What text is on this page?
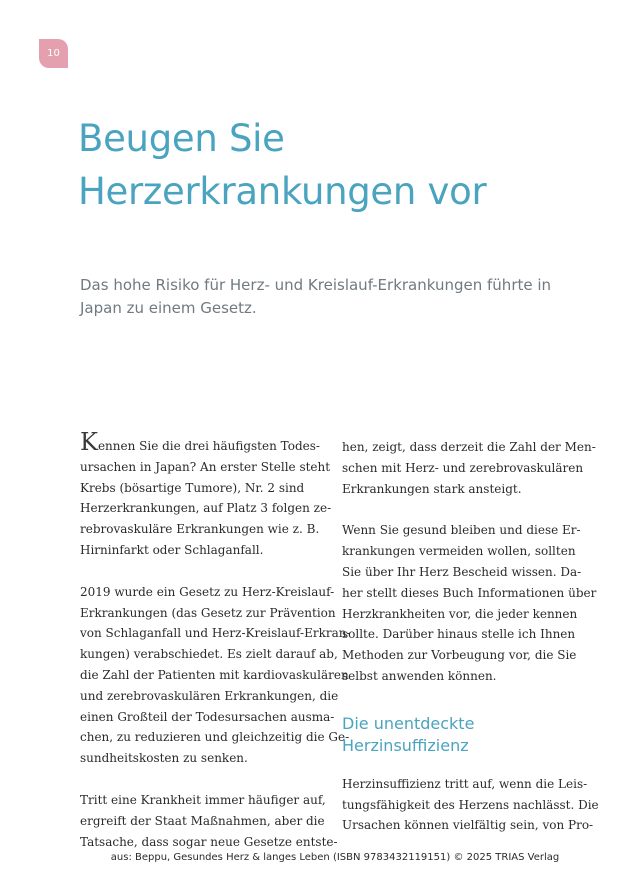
10
Beugen Sie
Herzerkrankungen vor

Das hohe Risiko für Herz- und Kreislauf-Erkrankungen führte in
Japan zu einem Gesetz.

Kennen Sie die drei häufigsten Todes-
ursachen in Japan? An erster Stelle steht
Krebs (bösartige Tumore), Nr. 2 sind
Herzerkrankungen, auf Platz 3 folgen ze-
rebrovaskuläre Erkrankungen wie z. B.
Hirninfarkt oder Schlaganfall.

2019 wurde ein Gesetz zu Herz-Kreislauf-
Erkrankungen (das Gesetz zur Prävention
von Schlaganfall und Herz-Kreislauf-Erkran-
kungen) verabschiedet. Es zielt darauf ab,
die Zahl der Patienten mit kardiovaskulären
und zerebrovaskulären Erkrankungen, die
einen Großteil der Todesursachen ausma-
chen, zu reduzieren und gleichzeitig die Ge-
sundheitskosten zu senken.

Tritt eine Krankheit immer häufiger auf,
ergreift der Staat Maßnahmen, aber die
Tatsache, dass sogar neue Gesetze entste-

hen, zeigt, dass derzeit die Zahl der Men-
schen mit Herz- und zerebrovaskulären
Erkrankungen stark ansteigt.

Wenn Sie gesund bleiben und diese Er-
krankungen vermeiden wollen, sollten
Sie über Ihr Herz Bescheid wissen. Da-
her stellt dieses Buch Informationen über
Herzkrankheiten vor, die jeder kennen
sollte. Darüber hinaus stelle ich Ihnen
Methoden zur Vorbeugung vor, die Sie
selbst anwenden können.

Die unentdeckte
Herzinsuffizienz

Herzinsuffizienz tritt auf, wenn die Leis-
tungsfähigkeit des Herzens nachlässt. Die
Ursachen können vielfältig sein, von Pro-

aus: Beppu, Gesundes Herz & langes Leben (ISBN 9783432119151) © 2025 TRIAS Verlag
